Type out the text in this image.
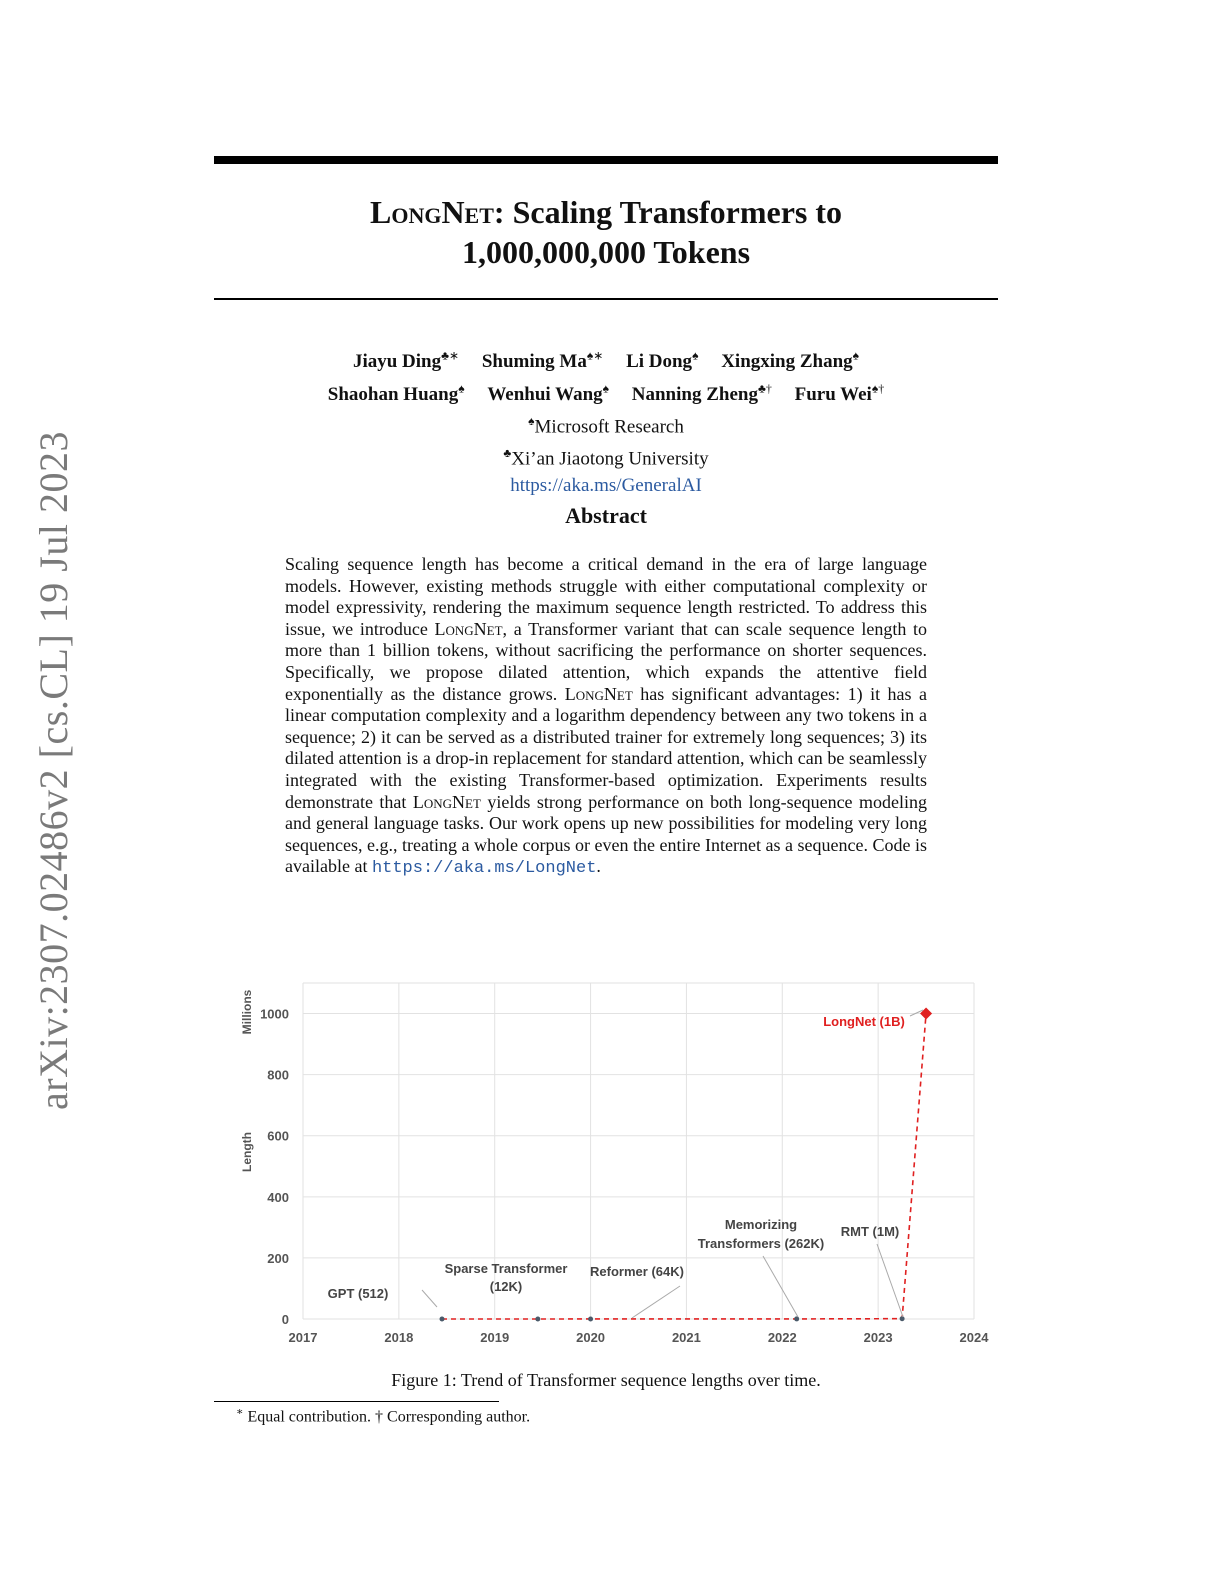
arXiv:2307.02486v2 [cs.CL] 19 Jul 2023
LongNet: Scaling Transformers to
1,000,000,000 Tokens
Jiayu Ding♣∗ Shuming Ma♠∗ Li Dong♠ Xingxing Zhang♠
Shaohan Huang♠ Wenhui Wang♠ Nanning Zheng♣† Furu Wei♠†
♠Microsoft Research
♣Xi’an Jiaotong University
https://aka.ms/GeneralAI
Abstract
Scaling sequence length has become a critical demand in the era of large language models. However, existing methods struggle with either computational complexity or model expressivity, rendering the maximum sequence length restricted. To address this issue, we introduce LongNet, a Transformer variant that can scale sequence length to more than 1 billion tokens, without sacrificing the performance on shorter sequences. Specifically, we propose dilated attention, which expands the attentive field exponentially as the distance grows. LongNet has significant advantages: 1) it has a linear computation complexity and a logarithm dependency between any two tokens in a sequence; 2) it can be served as a distributed trainer for extremely long sequences; 3) its dilated attention is a drop-in replacement for standard attention, which can be seamlessly integrated with the existing Transformer-based optimization. Experiments results demonstrate that LongNet yields strong performance on both long-sequence modeling and general language tasks. Our work opens up new possibilities for modeling very long sequences, e.g., treating a whole corpus or even the entire Internet as a sequence. Code is available at https://aka.ms/LongNet.
0
200
400
600
800
1000
2017	2018	2019	2020	2021	2022	2023	2024
Millions
Length
GPT (512)
Sparse Transformer (12K)
Reformer (64K)
Memorizing Transformers (262K)
RMT (1M)
LongNet (1B)
Figure 1: Trend of Transformer sequence lengths over time.
∗ Equal contribution. † Corresponding author.
